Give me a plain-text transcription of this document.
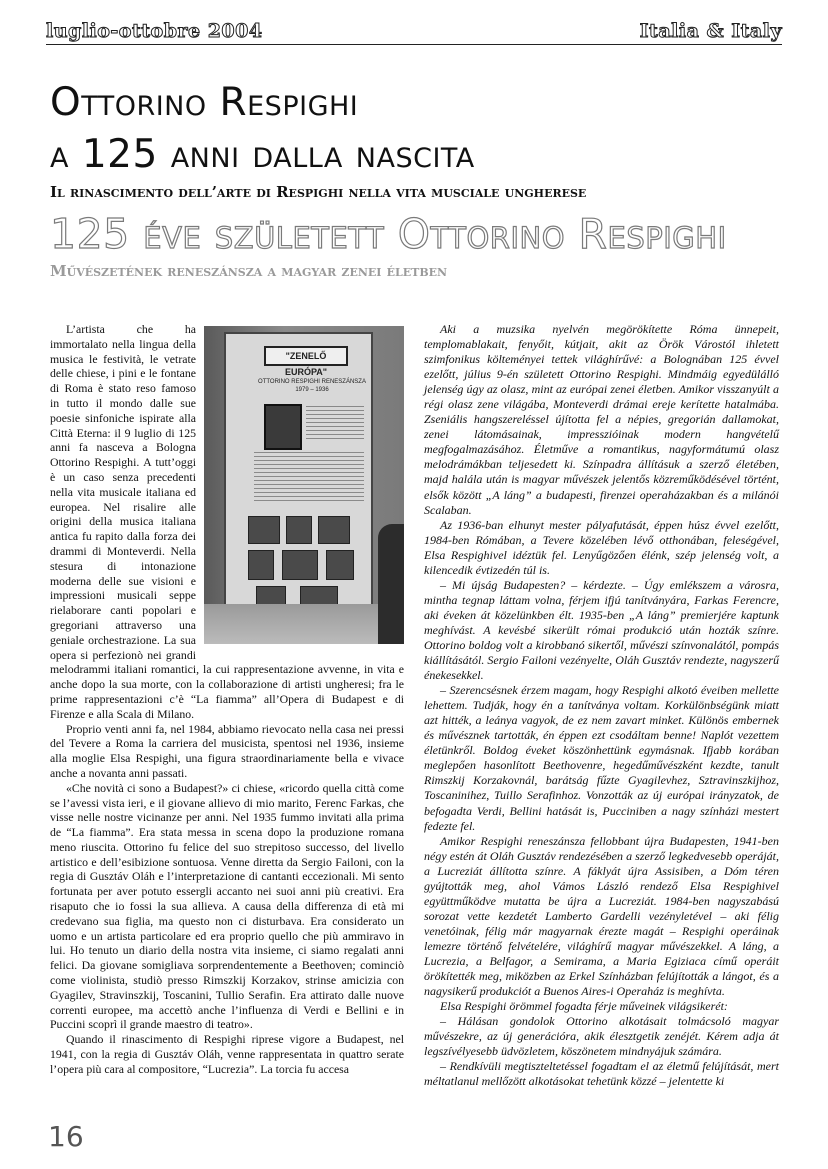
luglio-ottobre 2004	Italia & Italy
Ottorino Respighi
a 125 anni dalla nascita
Il rinascimento dell’arte di Respighi nella vita musciale ungherese
125 éve született Ottorino Respighi
Művészetének reneszánsza a magyar zenei életben
"ZENELŐ EURÓPA"
OTTORINO RESPIGHI RENESZÁNSZA 1979 – 1936

L’artista che ha immortalato nella lingua della musica le festività, le vetrate delle chiese, i pini e le fontane di Roma è stato reso famoso in tutto il mondo dalle sue poesie sinfoniche ispirate alla Città Eterna: il 9 luglio di 125 anni fa nasceva a Bologna Ottorino Respighi. A tutt’oggi è un caso senza precedenti nella vita musicale italiana ed europea. Nel risalire alle origini della musica italiana antica fu rapito dalla forza dei drammi di Monteverdi. Nella stesura di intonazione moderna delle sue visioni e impressioni musicali seppe rielaborare canti popolari e gregoriani attraverso una geniale orchestrazione. La sua opera si perfezionò nei grandi melodrammi italiani romantici, la cui rappresentazione avvenne, in vita e anche dopo la sua morte, con la collaborazione di artisti ungheresi; fra le prime rappresentazioni c’è “La fiamma” all’Opera di Budapest e di Firenze e alla Scala di Milano.

Proprio venti anni fa, nel 1984, abbiamo rievocato nella casa nei pressi del Tevere a Roma la carriera del musicista, spentosi nel 1936, insieme alla moglie Elsa Respighi, una figura straordinariamente bella e vivace anche a novanta anni passati.

«Che novità ci sono a Budapest?» ci chiese, «ricordo quella città come se l’avessi vista ieri, e il giovane allievo di mio marito, Ferenc Farkas, che visse nelle nostre vicinanze per anni. Nel 1935 fummo invitati alla prima de “La fiamma”. Era stata messa in scena dopo la produzione romana meno riuscita. Ottorino fu felice del suo strepitoso successo, del livello artistico e dell’esibizione sontuosa. Venne diretta da Sergio Failoni, con la regia di Gusztáv Oláh e l’interpretazione di cantanti eccezionali. Mi sento fortunata per aver potuto essergli accanto nei suoi anni più creativi. Era risaputo che io fossi la sua allieva. A causa della differenza di età mi credevano sua figlia, ma questo non ci disturbava. Era considerato un uomo e un artista particolare ed era proprio quello che più ammiravo in lui. Ho tenuto un diario della nostra vita insieme, ci siamo regalati anni felici. Da giovane somigliava sorprendentemente a Beethoven; cominciò come violinista, studiò presso Rimszkij Korzakov, strinse amicizia con Gyagilev, Stravinszkij, Toscanini, Tullio Serafin. Era attirato dalle nuove correnti europee, ma accettò anche l’influenza di Verdi e Bellini e in Puccini scoprì il grande maestro di teatro».

Quando il rinascimento di Respighi riprese vigore a Budapest, nel 1941, con la regia di Gusztáv Oláh, venne rappresentata in quattro serate l’opera più cara al compositore, “Lucrezia”. La torcia fu accesa

Aki a muzsika nyelvén megörökítette Róma ünnepeit, templomablakait, fenyőit, kútjait, akit az Örök Várostól ihletett szimfonikus költeményei tettek világhírűvé: a Bolognában 125 évvel ezelőtt, július 9-én született Ottorino Respighi. Mindmáig egyedülálló jelenség úgy az olasz, mint az európai zenei életben. Amikor visszanyúlt a régi olasz zene világába, Monteverdi drámai ereje kerítette hatalmába. Zseniális hangszereléssel újította fel a népies, gregorián dallamokat, zenei látomásainak, impresszióinak modern hangvételű megfogalmazásához. Életműve a romantikus, nagyformátumú olasz melodrámákban teljesedett ki. Színpadra állításuk a szerző életében, majd halála után is magyar művészek jelentős közreműködésével történt, elsők között „A láng” a budapesti, firenzei operaházakban és a milánói Scalaban.

Az 1936-ban elhunyt mester pályafutását, éppen húsz évvel ezelőtt, 1984-ben Rómában, a Tevere közelében lévő otthonában, feleségével, Elsa Respighivel idéztük fel. Lenyűgözően élénk, szép jelenség volt, a kilencedik évtizedén túl is.

– Mi újság Budapesten? – kérdezte. – Úgy emlékszem a városra, mintha tegnap láttam volna, férjem ifjú tanítványára, Farkas Ferencre, aki éveken át közelünkben élt. 1935-ben „A láng” premierjére kaptunk meghívást. A kevésbé sikerült római produkció után hozták színre. Ottorino boldog volt a kirobbanó sikertől, művészi színvonalától, pompás kiállításától. Sergio Failoni vezényelte, Oláh Gusztáv rendezte, nagyszerű énekesekkel.

– Szerencsésnek érzem magam, hogy Respighi alkotó éveiben mellette lehettem. Tudják, hogy én a tanítványa voltam. Korkülönbségünk miatt azt hitték, a leánya vagyok, de ez nem zavart minket. Különös embernek és művésznek tartották, én éppen ezt csodáltam benne! Naplót vezettem életünkről. Boldog éveket köszönhettünk egymásnak. Ifjabb korában meglepően hasonlított Beethovenre, hegedűművészként kezdte, tanult Rimszkij Korzakovnál, barátság fűzte Gyagilevhez, Sztravinszkijhoz, Toscaninihez, Tuillo Serafinhoz. Vonzották az új európai irányzatok, de befogadta Verdi, Bellini hatását is, Pucciniben a nagy színházi mestert fedezte fel.

Amikor Respighi reneszánsza fellobbant újra Budapesten, 1941-ben négy estén át Oláh Gusztáv rendezésében a szerző legkedvesebb operáját, a Lucreziát állította színre. A fáklyát újra Assisiben, a Dóm téren gyújtották meg, ahol Vámos László rendező Elsa Respighivel együttműködve mutatta be újra a Lucreziát. 1984-ben nagyszabású sorozat vette kezdetét Lamberto Gardelli vezényletével – aki félig venetóinak, félig már magyarnak érezte magát – Respighi operáinak lemezre történő felvételére, világhírű magyar művészekkel. A láng, a Lucrezia, a Belfagor, a Semirama, a Maria Egiziaca című operáit örökítették meg, miközben az Erkel Színházban felújították a lángot, és a nagysikerű produkciót a Buenos Aires-i Operaház is meghívta.

Elsa Respighi örömmel fogadta férje műveinek világsikerét:

– Hálásan gondolok Ottorino alkotásait tolmácsoló magyar művészekre, az új generációra, akik élesztgetik zenéjét. Kérem adja át legszívélyesebb üdvözletem, köszönetem mindnyájuk számára.

– Rendkívüli megtiszteltetéssel fogadtam el az életmű felújítását, mert méltatlanul mellőzött alkotásokat tehetünk közzé – jelentette ki

16
